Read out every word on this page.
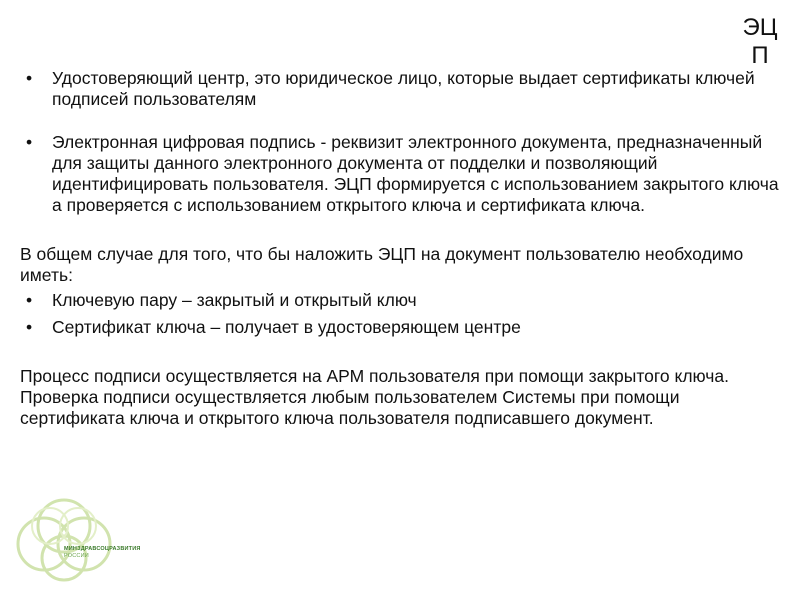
ЭЦ
П
• Удостоверяющий центр, это юридическое лицо, которые выдает сертификаты ключей подписей пользователям
• Электронная цифровая подпись - реквизит электронного документа, предназначенный для защиты данного электронного документа от подделки и позволяющий идентифицировать пользователя. ЭЦП формируется с использованием закрытого ключа а проверяется с использованием открытого ключа и сертификата ключа.

В общем случае для того, что бы наложить ЭЦП на документ пользователю необходимо иметь:

• Ключевую пару – закрытый и открытый ключ
• Сертификат ключа – получает в удостоверяющем центре

Процесс подписи осуществляется на АРМ пользователя при помощи закрытого ключа. Проверка подписи осуществляется любым пользователем Системы при помощи сертификата ключа и открытого ключа пользователя подписавшего документ.

МИНЗДРАВСОЦРАЗВИТИЯ
РОССИИ
